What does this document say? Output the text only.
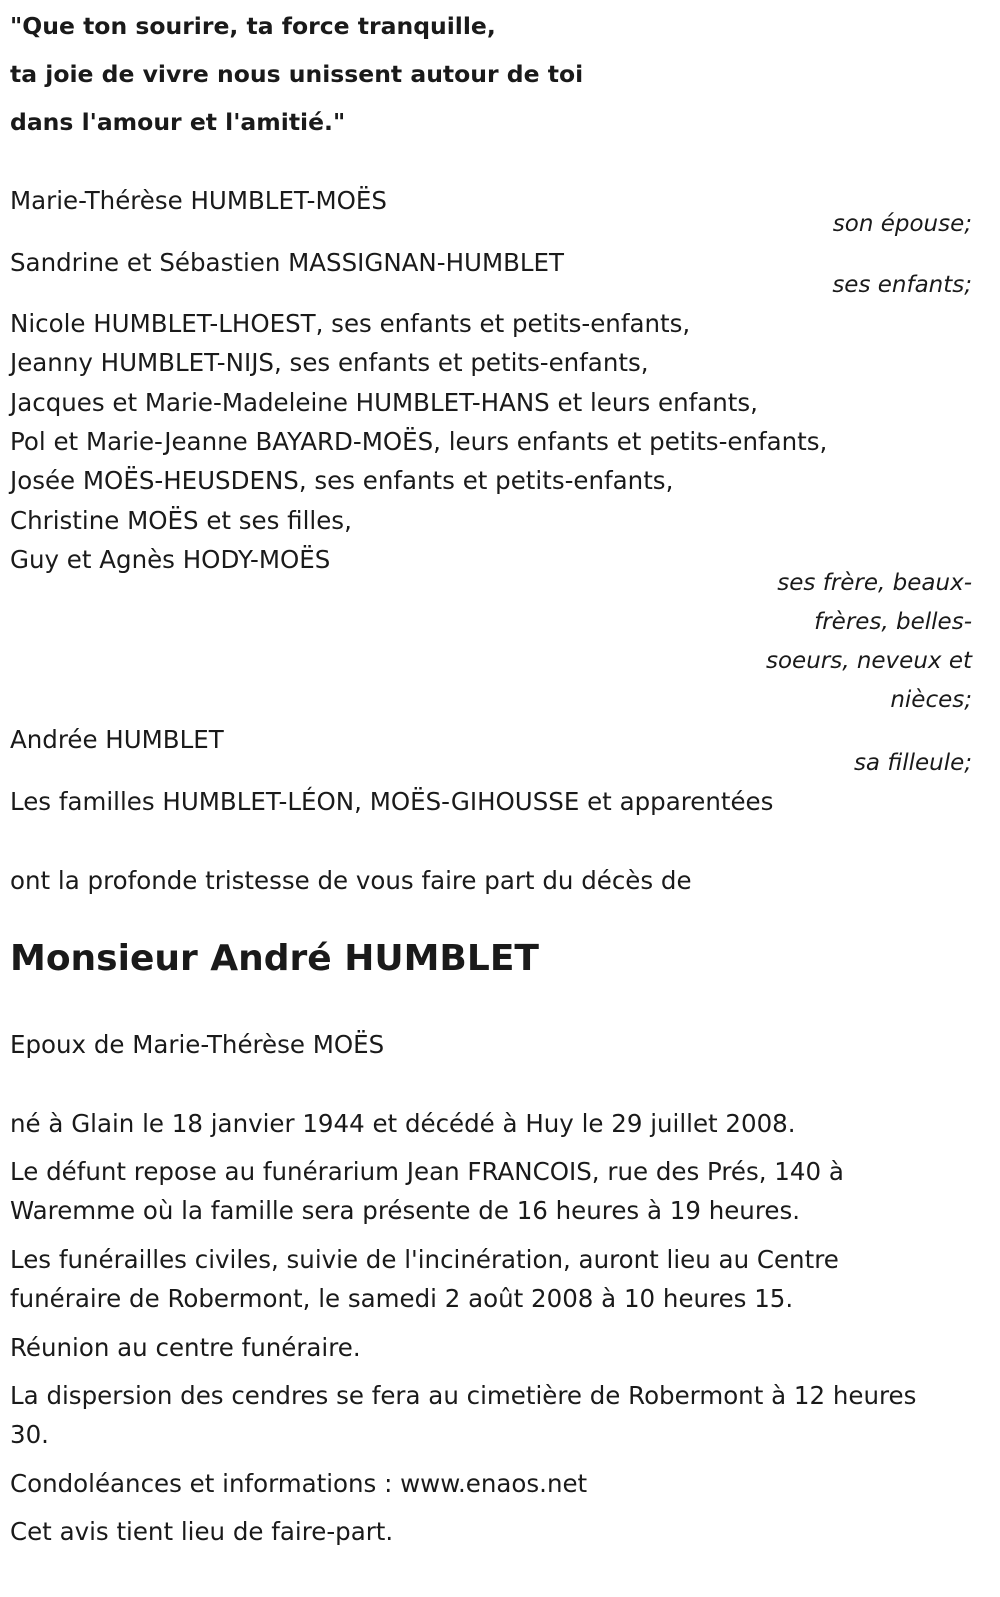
"Que ton sourire, ta force tranquille,
ta joie de vivre nous unissent autour de toi
dans l'amour et l'amitié."
Marie-Thérèse HUMBLET-MOËS
son épouse;
Sandrine et Sébastien MASSIGNAN-HUMBLET
ses enfants;
Nicole HUMBLET-LHOEST, ses enfants et petits-enfants,
Jeanny HUMBLET-NIJS, ses enfants et petits-enfants,
Jacques et Marie-Madeleine HUMBLET-HANS et leurs enfants,
Pol et Marie-Jeanne BAYARD-MOËS, leurs enfants et petits-enfants,
Josée MOËS-HEUSDENS, ses enfants et petits-enfants,
Christine MOËS et ses filles,
Guy et Agnès HODY-MOËS
ses frère, beaux-
frères, belles-
soeurs, neveux et
nièces;
Andrée HUMBLET
sa filleule;
Les familles HUMBLET-LÉON, MOËS-GIHOUSSE et apparentées
ont la profonde tristesse de vous faire part du décès de
Monsieur André HUMBLET
Epoux de Marie-Thérèse MOËS
né à Glain le 18 janvier 1944 et décédé à Huy le 29 juillet 2008.
Le défunt repose au funérarium Jean FRANCOIS, rue des Prés, 140 à
Waremme où la famille sera présente de 16 heures à 19 heures.
Les funérailles civiles, suivie de l'incinération, auront lieu au Centre
funéraire de Robermont, le samedi 2 août 2008 à 10 heures 15.
Réunion au centre funéraire.
La dispersion des cendres se fera au cimetière de Robermont à 12 heures
30.
Condoléances et informations : www.enaos.net
Cet avis tient lieu de faire-part.
